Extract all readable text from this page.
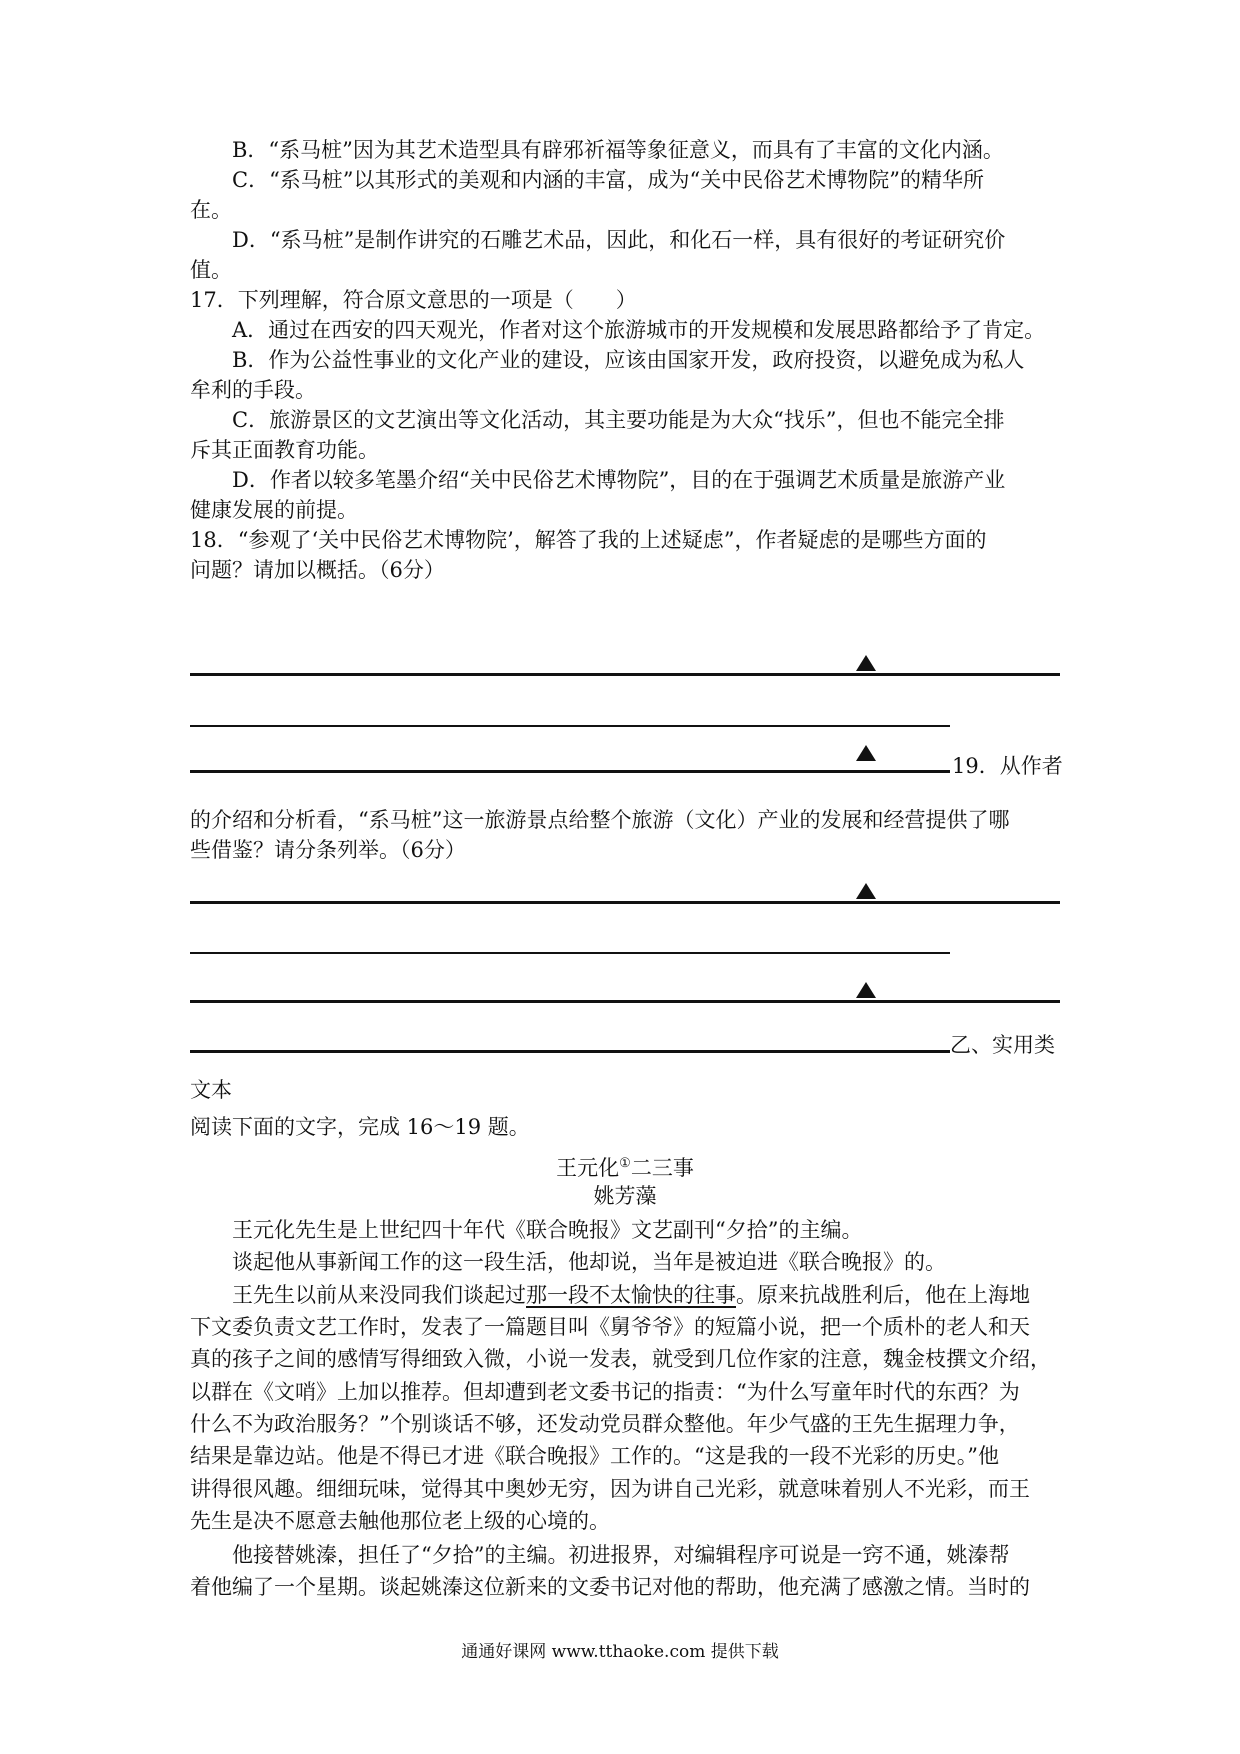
B．“系马桩”因为其艺术造型具有辟邪祈福等象征意义，而具有了丰富的文化内涵。
C．“系马桩”以其形式的美观和内涵的丰富，成为“关中民俗艺术博物院”的精华所
在。
D．“系马桩”是制作讲究的石雕艺术品，因此，和化石一样，具有很好的考证研究价
值。
17．下列理解，符合原文意思的一项是（　　）
A．通过在西安的四天观光，作者对这个旅游城市的开发规模和发展思路都给予了肯定。
B．作为公益性事业的文化产业的建设，应该由国家开发，政府投资，以避免成为私人
牟利的手段。
C．旅游景区的文艺演出等文化活动，其主要功能是为大众“找乐”，但也不能完全排
斥其正面教育功能。
D．作者以较多笔墨介绍“关中民俗艺术博物院”，目的在于强调艺术质量是旅游产业
健康发展的前提。
18．“参观了‘关中民俗艺术博物院’，解答了我的上述疑虑”，作者疑虑的是哪些方面的
问题？请加以概括。（6分）
19．从作者
的介绍和分析看，“系马桩”这一旅游景点给整个旅游（文化）产业的发展和经营提供了哪
些借鉴？请分条列举。（6分）
乙、实用类
文本
阅读下面的文字，完成 16～19 题。
王元化①二三事
姚芳藻
王元化先生是上世纪四十年代《联合晚报》文艺副刊“夕拾”的主编。
谈起他从事新闻工作的这一段生活，他却说，当年是被迫进《联合晚报》的。
王先生以前从来没同我们谈起过那一段不太愉快的往事。原来抗战胜利后，他在上海地
下文委负责文艺工作时，发表了一篇题目叫《舅爷爷》的短篇小说，把一个质朴的老人和天
真的孩子之间的感情写得细致入微，小说一发表，就受到几位作家的注意，魏金枝撰文介绍，
以群在《文哨》上加以推荐。但却遭到老文委书记的指责：“为什么写童年时代的东西？为
什么不为政治服务？”个别谈话不够，还发动党员群众整他。年少气盛的王先生据理力争，
结果是靠边站。他是不得已才进《联合晚报》工作的。“这是我的一段不光彩的历史。”他
讲得很风趣。细细玩味，觉得其中奥妙无穷，因为讲自己光彩，就意味着别人不光彩，而王
先生是决不愿意去触他那位老上级的心境的。
他接替姚溱，担任了“夕拾”的主编。初进报界，对编辑程序可说是一窍不通，姚溱帮
着他编了一个星期。谈起姚溱这位新来的文委书记对他的帮助，他充满了感激之情。当时的
通通好课网 www.tthaoke.com 提供下载
